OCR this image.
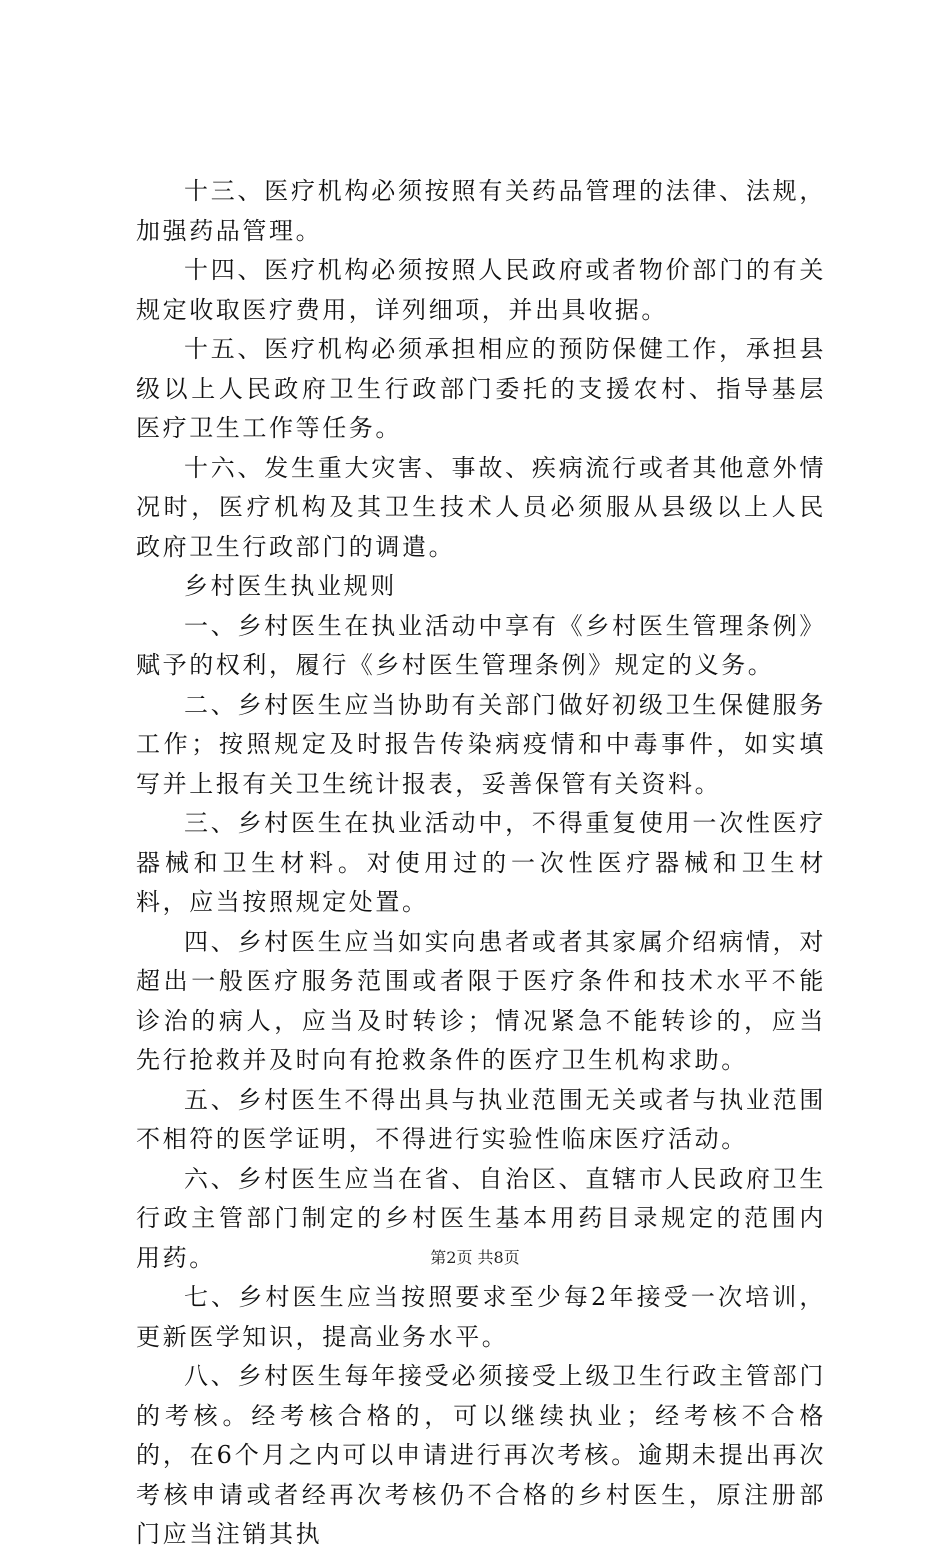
十三、医疗机构必须按照有关药品管理的法律、法规，加强药品管理。

十四、医疗机构必须按照人民政府或者物价部门的有关规定收取医疗费用，详列细项，并出具收据。

十五、医疗机构必须承担相应的预防保健工作，承担县级以上人民政府卫生行政部门委托的支援农村、指导基层医疗卫生工作等任务。

十六、发生重大灾害、事故、疾病流行或者其他意外情况时，医疗机构及其卫生技术人员必须服从县级以上人民政府卫生行政部门的调遣。

乡村医生执业规则

一、乡村医生在执业活动中享有《乡村医生管理条例》赋予的权利，履行《乡村医生管理条例》规定的义务。

二、乡村医生应当协助有关部门做好初级卫生保健服务工作；按照规定及时报告传染病疫情和中毒事件，如实填写并上报有关卫生统计报表，妥善保管有关资料。

三、乡村医生在执业活动中，不得重复使用一次性医疗器械和卫生材料。对使用过的一次性医疗器械和卫生材料，应当按照规定处置。

四、乡村医生应当如实向患者或者其家属介绍病情，对超出一般医疗服务范围或者限于医疗条件和技术水平不能诊治的病人，应当及时转诊；情况紧急不能转诊的，应当先行抢救并及时向有抢救条件的医疗卫生机构求助。

五、乡村医生不得出具与执业范围无关或者与执业范围不相符的医学证明，不得进行实验性临床医疗活动。

六、乡村医生应当在省、自治区、直辖市人民政府卫生行政主管部门制定的乡村医生基本用药目录规定的范围内用药。

七、乡村医生应当按照要求至少每2年接受一次培训，更新医学知识，提高业务水平。

八、乡村医生每年接受必须接受上级卫生行政主管部门的考核。经考核合格的，可以继续执业；经考核不合格的，在6个月之内可以申请进行再次考核。逾期未提出再次考核申请或者经再次考核仍不合格的乡村医生，原注册部门应当注销其执

第2页 共8页
